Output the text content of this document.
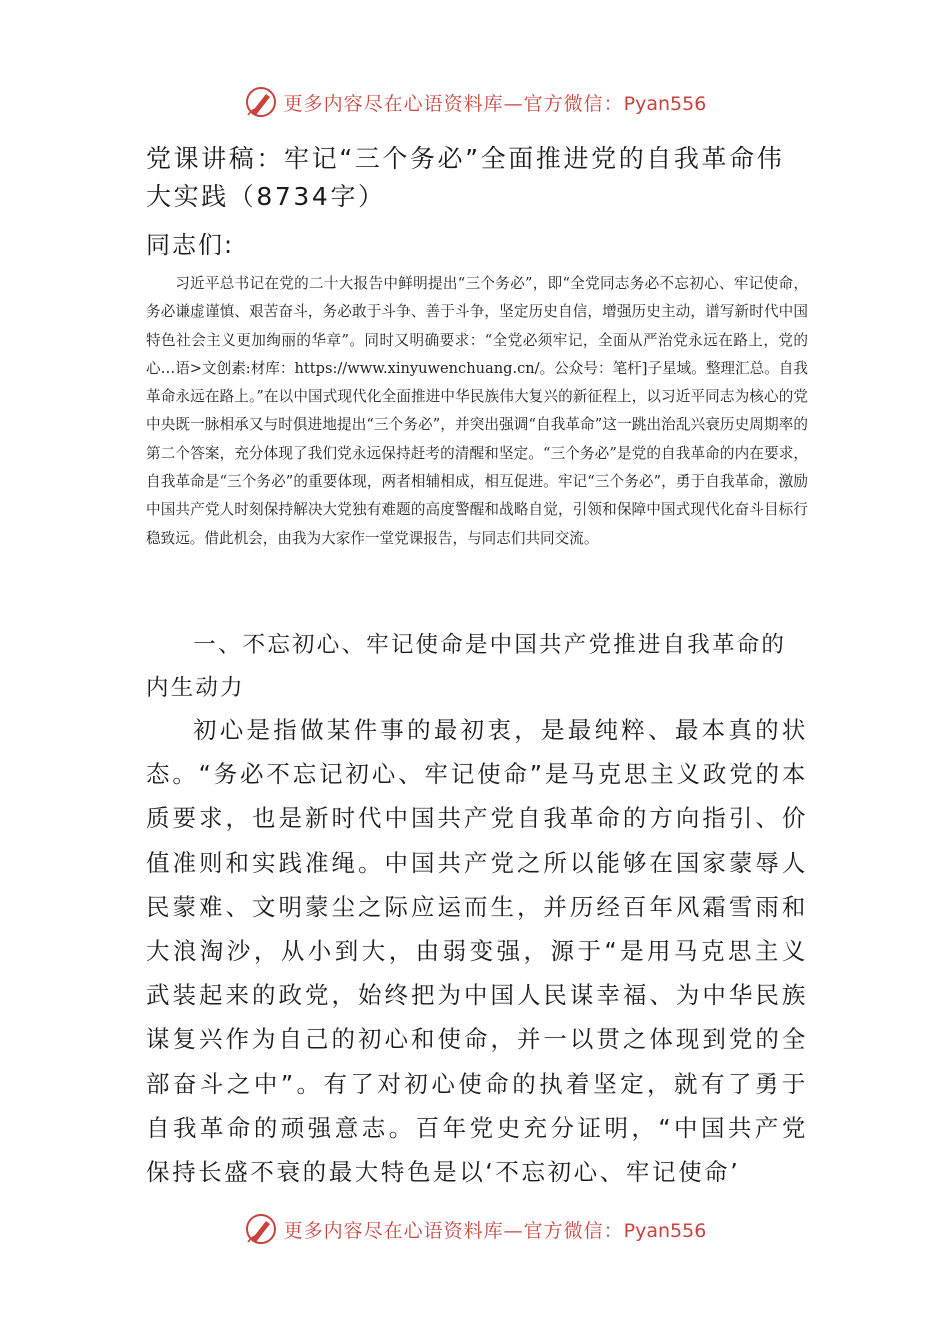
更多内容尽在心语资料库—官方微信：Pyan556
党课讲稿：牢记“三个务必”全面推进党的自我革命伟大实践（8734字）
同志们:
习近平总书记在党的二十大报告中鲜明提出“三个务必”，即“全党同志务必不忘初心、牢记使命，务必谦虚谨慎、艰苦奋斗，务必敢于斗争、善于斗争，坚定历史自信，增强历史主动，谱写新时代中国特色社会主义更加绚丽的华章”。同时又明确要求：“全党必须牢记，全面从严治党永远在路上，党的心…语>文创素:材库：https://www.xinyuwenchuang.cn/。公众号：笔杆]子星域。整理汇总。自我革命永远在路上。”在以中国式现代化全面推进中华民族伟大复兴的新征程上，以习近平同志为核心的党中央既一脉相承又与时俱进地提出“三个务必”，并突出强调“自我革命”这一跳出治乱兴衰历史周期率的第二个答案，充分体现了我们党永远保持赶考的清醒和坚定。“三个务必”是党的自我革命的内在要求，自我革命是“三个务必”的重要体现，两者相辅相成，相互促进。牢记“三个务必”，勇于自我革命，激励中国共产党人时刻保持解决大党独有难题的高度警醒和战略自觉，引领和保障中国式现代化奋斗目标行稳致远。借此机会，由我为大家作一堂党课报告，与同志们共同交流。
一、不忘初心、牢记使命是中国共产党推进自我革命的内生动力
初心是指做某件事的最初衷，是最纯粹、最本真的状态。“务必不忘记初心、牢记使命”是马克思主义政党的本质要求，也是新时代中国共产党自我革命的方向指引、价值准则和实践准绳。中国共产党之所以能够在国家蒙辱人民蒙难、文明蒙尘之际应运而生，并历经百年风霜雪雨和大浪淘沙，从小到大，由弱变强，源于“是用马克思主义武装起来的政党，始终把为中国人民谋幸福、为中华民族谋复兴作为自己的初心和使命，并一以贯之体现到党的全部奋斗之中”。有了对初心使命的执着坚定，就有了勇于自我革命的顽强意志。百年党史充分证明，“中国共产党保持长盛不衰的最大特色是以‘不忘初心、牢记使命’
更多内容尽在心语资料库—官方微信：Pyan556
